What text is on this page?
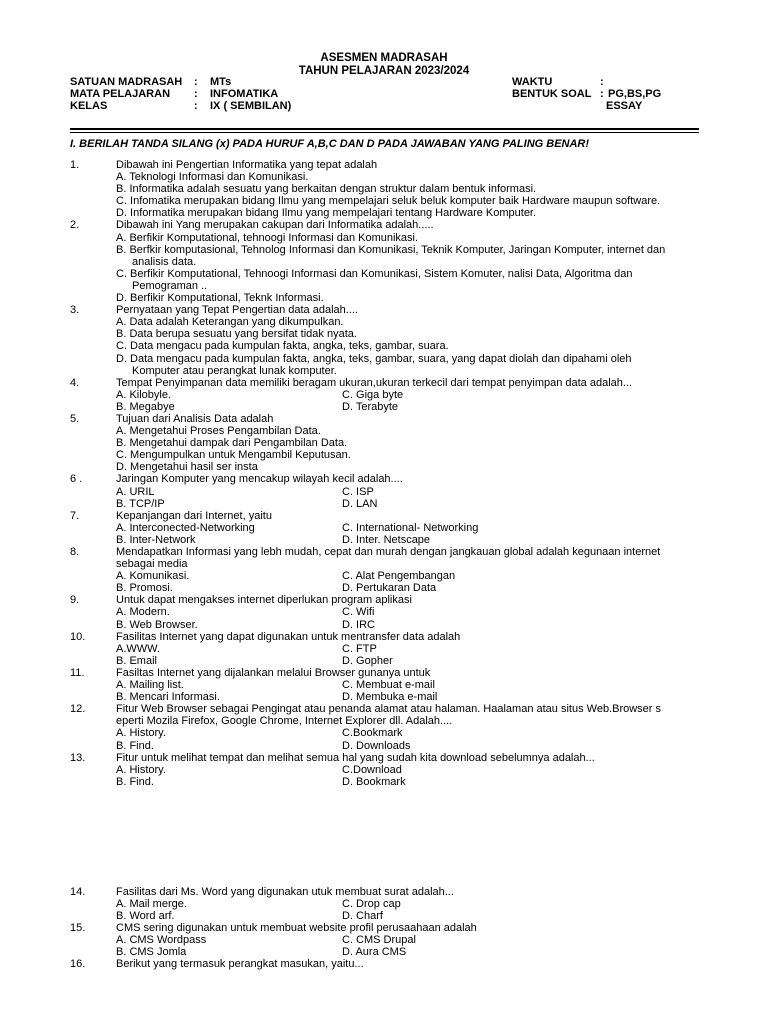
ASESMEN MADRASAH
TAHUN PELAJARAN 2023/2024
I. BERILAH TANDA SILANG (x) PADA HURUF A,B,C DAN D PADA JAWABAN YANG PALING BENAR!
1.	Dibawah ini Pengertian Informatika yang tepat adalah
A. Teknologi Informasi dan Komunikasi.
B. Informatika adalah sesuatu yang berkaitan dengan struktur dalam bentuk informasi.
C. Infomatika merupakan bidang Ilmu yang mempelajari seluk beluk komputer baik Hardware maupun software.
D. Informatika merupakan bidang Ilmu yang mempelajari tentang Hardware Komputer.
2.	Dibawah ini Yang merupakan cakupan dari Informatika adalah.....
A. Berfikir Komputational, tehnoogi Informasi dan Komunikasi.
B. Berfkir komputasional, Tehnolog Informasi dan Komunikasi, Teknik Komputer, Jaringan Komputer, internet dan
analisis data.
C. Berfikir Komputational, Tehnoogi Informasi dan Komunikasi, Sistem Komuter, nalisi Data, Algoritma dan
Pemograman ..
D. Berfikir Komputational, Teknk Informasi.
3.	Pernyataan yang Tepat Pengertian data adalah....
A. Data adalah Keterangan yang dikumpulkan.
B. Data berupa sesuatu yang bersifat tidak nyata.
C. Data mengacu pada kumpulan fakta, angka, teks, gambar, suara.
D. Data mengacu pada kumpulan fakta, angka, teks, gambar, suara, yang dapat diolah dan dipahami oleh
Komputer atau perangkat lunak komputer.
4.	Tempat Penyimpanan data memiliki beragam ukuran,ukuran terkecil dari tempat penyimpan data adalah...
A. Kilobyle.	C. Giga byte
B. Megabye	D. Terabyte
5.	Tujuan dari Analisis Data adalah
A. Mengetahui Proses Pengambilan Data.
B. Mengetahui dampak dari Pengambilan Data.
C. Mengumpulkan untuk Mengambil Keputusan.
D. Mengetahui hasil ser insta
6 .	Jaringan Komputer yang mencakup wilayah kecil adalah....
A. URIL	C. ISP
B. TCP/IP	D. LAN
7.	Kepanjangan dari Internet, yaitu
A. Interconected-Networking	C. International- Networking
B. Inter-Network	D. Inter. Netscape
8.	Mendapatkan Informasi yang lebh mudah, cepat dan murah dengan jangkauan global adalah kegunaan internet
sebagai media
A. Komunikasi.	C. Alat Pengembangan
B. Promosi.	D. Pertukaran Data
9.	Untuk dapat mengakses internet diperlukan program aplikasi
A. Modern.	C. Wifi
B. Web Browser.	D. IRC
10.	Fasilitas Internet yang dapat digunakan untuk mentransfer data adalah
A.WWW.	C. FTP
B. Email	D. Gopher
11.	Fasiltas Internet yang dijalankan melalui Browser gunanya untuk
A. Mailing list.	C. Membuat e-mail
B. Mencari Informasi.	D. Membuka e-mail
12.	Fitur Web Browser sebagai Pengingat atau penanda alamat atau halaman. Haalaman atau situs Web.Browser s
eperti Mozila Firefox, Google Chrome, Internet Explorer dll. Adalah....
A. History.	C.Bookmark
B. Find.	D. Downloads
13.	Fitur untuk melihat tempat dan melihat semua hal yang sudah kita download sebelumnya adalah...
A. History.	C.Download
B. Find.	D. Bookmark
14.	Fasilitas dari Ms. Word yang digunakan utuk membuat surat adalah...
A. Mail merge.	C. Drop cap
B. Word arf.	D. Charf
15.	CMS sering digunakan untuk membuat website profil perusaahaan adalah
A. CMS Wordpass	C. CMS Drupal
B. CMS Jomla	D. Aura CMS
16.	Berikut yang termasuk perangkat masukan, yaitu...
SATUAN MADRASAH : MTs
MATA PELAJARAN : INFOMATIKA
KELAS	: IX ( SEMBILAN)
WAKTU	:
BENTUK SOAL : PG,BS,PG
ESSAY
